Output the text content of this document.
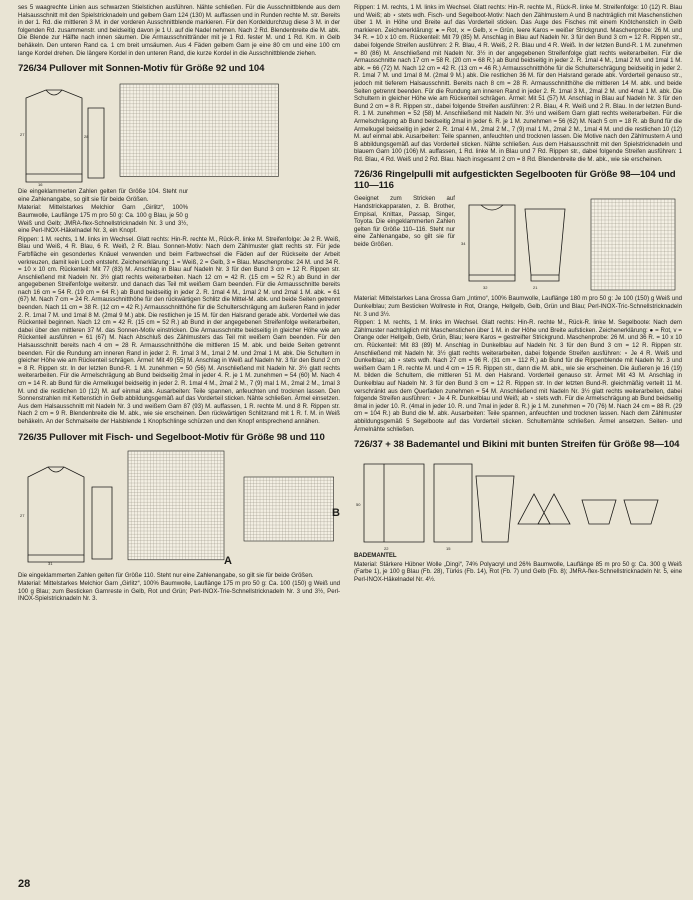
ses 5 waagrechte Linien aus schwarzen Stielstichen ausführen. Nähte schließen. Für die Ausschnittblende aus dem Halsausschnitt mit den Spielstricknadeln und gelbem Garn 124 (130) M. auffassen und in Runden rechte M. str. Bereits in der 1. Rd. die mittleren 3 M. in der vorderen Ausschnittblende markieren. Für den Kordeldurchzug diese 3 M. in der folgenden Rd. zusammenstr. und beidseitig davon je 1 U. auf die Nadel nehmen. Nach 2 Rd. Blendenbreite die M. abk. Die Blende zur Hälfte nach innen säumen. Die Armausschnittränder mit je 1 Rd. fester M. und 1 Rd. Km. in Gelb behäkeln. Den unteren Rand ca. 1 cm breit umsäumen. Aus 4 Fäden gelbem Garn je eine 80 cm und eine 100 cm lange Kordel drehen. Die längere Kordel in den unteren Rand, die kurze Kordel in die Ausschnittblende ziehen.

726/34 Pullover mit Sonnen-Motiv für Größe 92 und 104
27	28
16

Die eingeklammerten Zahlen gelten für Größe 104. Steht nur eine Zahlenangabe, so gilt sie für beide Größen.

Material: Mittelstarkes Melchior Garn „Girlitz“, 100% Baumwolle, Lauflänge 175 m pro 50 g: Ca. 100 g Blau, je 50 g Weiß und Gelb; JMRA-flex-Schnellstricknadeln Nr. 3 und 3½, eine Perl-INOX-Häkelnadel Nr. 3, ein Knopf.

Rippen: 1 M. rechts, 1 M. links im Wechsel. Glatt rechts: Hin-R. rechte M., Rück-R. linke M. Streifenfolge: Je 2 R. Weiß, Blau und Weiß, 4 R. Blau, 6 R. Weiß, 2 R. Blau. Sonnen-Motiv: Nach dem Zählmuster glatt rechts str. Für jede Farbfläche ein gesondertes Knäuel verwenden und beim Farbwechsel die Fäden auf der Rückseite der Arbeit verkreuzen, damit kein Loch entsteht. Zeichenerklärung: 1 = Weiß, 2 = Gelb, 3 = Blau. Maschenprobe: 24 M. und 34 R. = 10 x 10 cm. Rückenteil: Mit 77 (83) M. Anschlag in Blau auf Nadeln Nr. 3 für den Bund 3 cm = 12 R. Rippen str. Anschließend mit Nadeln Nr. 3½ glatt rechts weiterarbeiten. Nach 12 cm = 42 R. (15 cm = 52 R.) ab Bund in der angegebenen Streifenfolge weiterstr. und danach das Teil mit weißem Garn beenden. Für die Armausschnitte bereits nach 16 cm = 54 R. (19 cm = 64 R.) ab Bund beidseitig in jeder 2. R. 1mal 4 M., 1mal 2 M. und 2mal 1 M. abk. = 61 (67) M. Nach 7 cm = 24 R. Armausschnitthöhe für den rückwärtigen Schlitz die Mittel-M. abk. und beide Seiten getrennt beenden. Nach 11 cm = 38 R. (12 cm = 42 R.) Armausschnitthöhe für die Schulterschrägung am äußeren Rand in jeder 2. R. 1mal 7 M. und 1mal 8 M. (2mal 9 M.) abk. Die restlichen je 15 M. für den Halsrand gerade abk. Vorderteil wie das Rückenteil beginnen. Nach 12 cm = 42 R. (15 cm = 52 R.) ab Bund in der angegebenen Streifenfolge weiterarbeiten, dabei über den mittleren 37 M. das Sonnen-Motiv einstricken. Die Armausschnitte beidseitig in gleicher Höhe wie am Rückenteil ausführen = 61 (67) M. Nach Abschluß des Zählmusters das Teil mit weißem Garn beenden. Für den Halsausschnitt bereits nach 4 cm = 28 R. Armausschnitthöhe die mittleren 15 M. abk. und beide Seiten getrennt beenden. Für die Rundung am inneren Rand in jeder 2. R. 1mal 3 M., 1mal 2 M. und 2mal 1 M. abk. Die Schultern in gleicher Höhe wie am Rückenteil schrägen. Ärmel: Mit 49 (55) M. Anschlag in Weiß auf Nadeln Nr. 3 für den Bund 2 cm = 8 R. Rippen str. In der letzten Bund-R. 1 M. zunehmen = 50 (56) M. Anschließend mit Nadeln Nr. 3½ glatt rechts weiterarbeiten. Für die Armelschrägung ab Bund beidseitig 2mal in jeder 4. R. je 1 M. zunehmen = 54 (60) M. Nach 4 cm = 14 R. ab Bund für die Armelkugel beidseitig in jeder 2. R. 1mal 4 M., 2mal 2 M., 7 (9) mal 1 M., 2mal 2 M., 1mal 3 M. und die restlichen 10 (12) M. auf einmal abk. Ausarbeiten: Teile spannen, anfeuchten und trocknen lassen. Den Sonnenstrahlen mit Kettenstich in Gelb abbildungsgemäß auf das Vorderteil sticken. Nähte schließen. Ärmel einsetzen. Aus dem Halsausschnitt mit Nadeln Nr. 3 und weißem Garn 87 (93) M. auffassen, 1 R. rechte M. und 8 R. Rippen str. Nach 2 cm = 9 R. Blendenbreite die M. abk., wie sie erscheinen. Den rückwärtigen Schlitzrand mit 1 R. f. M. in Weiß behäkeln. An der Schmalseite der Halsblende 1 Knopfschlinge schürzen und den Knopf entsprechend annähen.

726/35 Pullover mit Fisch- und Segelboot-Motiv für Größe 98 und 110
27
31	A
B

Die eingeklammerten Zahlen gelten für Größe 110. Steht nur eine Zahlenangabe, so gilt sie für beide Größen.

Material: Mittelstarkes Melchior Garn „Girlitz“, 100% Baumwolle, Lauflänge 175 m pro 50 g: Ca. 100 (150) g Weiß und 100 g Blau; zum Besticken Garnreste in Gelb, Rot und Grün; Perl-INOX-Trie-Schnellstricknadeln Nr. 3 und 3½, Perl-INOX-Spielstricknadeln Nr. 3.

Rippen: 1 M. rechts, 1 M. links im Wechsel. Glatt rechts: Hin-R. rechte M., Rück-R. linke M. Streifenfolge: 10 (12) R. Blau und Weiß; ab ⋆ stets wdh. Fisch- und Segelboot-Motiv: Nach den Zählmustern A und B nachträglich mit Maschenstichen über 1 M. in Höhe und Breite auf das Vorderteil sticken. Das Auge des Fisches mit einem Knötchenstich in Gelb markieren. Zeichenerklärung: ● = Rot, ⨯ = Gelb, x = Grün, leere Karos = weißer Strickgrund. Maschenprobe: 26 M. und 34 R. = 10 x 10 cm. Rückenteil: Mit 79 (85) M. Anschlag in Blau auf Nadeln Nr. 3 für den Bund 3 cm = 12 R. Rippen str., dabei folgende Streifen ausführen: 2 R. Blau, 4 R. Weiß, 2 R. Blau und 4 R. Weiß. In der letzten Bund-R. 1 M. zunehmen = 80 (86) M. Anschließend mit Nadeln Nr. 3½ in der angegebenen Streifenfolge glatt rechts weiterarbeiten. Für die Armausschnitte nach 17 cm = 58 R. (20 cm = 68 R.) ab Bund beidseitig in jeder 2. R. 1mal 4 M., 1mal 2 M. und 1mal 1 M. abk. = 66 (72) M. Nach 12 cm = 42 R. (13 cm = 46 R.) Armausschnitthöhe für die Schulterschrägung beidseitig in jeder 2. R. 1mal 7 M. und 1mal 8 M. (2mal 9 M.) abk. Die restlichen 36 M. für den Halsrand gerade abk. Vorderteil genauso str., jedoch mit tieferem Halsausschnitt. Bereits nach 8 cm = 28 R. Armausschnitthöhe die mittleren 14 M. abk. und beide Seiten getrennt beenden. Für die Rundung am inneren Rand in jeder 2. R. 1mal 3 M., 2mal 2 M. und 4mal 1 M. abk. Die Schultern in gleicher Höhe wie am Rückenteil schrägen. Ärmel: Mit 51 (57) M. Anschlag in Blau auf Nadeln Nr. 3 für den Bund 2 cm = 8 R. Rippen str., dabei folgende Streifen ausführen: 2 R. Blau, 4 R. Weiß und 2 R. Blau. In der letzten Bund-R. 1 M. zunehmen = 52 (58) M. Anschließend mit Nadeln Nr. 3½ und weißem Garn glatt rechts weiterarbeiten. Für die Armelschrägung ab Bund beidseitig 2mal in jeder 6. R. je 1 M. zunehmen = 56 (62) M. Nach 5 cm = 18 R. ab Bund für die Armelkugel beidseitig in jeder 2. R. 1mal 4 M., 2mal 2 M., 7 (9) mal 1 M., 2mal 2 M., 1mal 4 M. und die restlichen 10 (12) M. auf einmal abk. Ausarbeiten: Teile spannen, anfeuchten und trocknen lassen. Die Motive nach den Zählmustern A und B abbildungsgemäß auf das Vorderteil sticken. Nähte schließen. Aus dem Halsausschnitt mit den Spielstricknadeln und blauem Garn 100 (106) M. auffassen, 1 Rd. linke M. in Blau und 7 Rd. Rippen str., dabei folgende Streifen ausführen: 1 Rd. Blau, 4 Rd. Weiß und 2 Rd. Blau. Nach insgesamt 2 cm = 8 Rd. Blendenbreite die M. abk., wie sie erscheinen.

726/36 Ringelpulli mit aufgestickten Segelbooten für Größe 98—104 und 110—116

Geeignet zum Stricken auf Handstrickapparaten, z. B. Brother, Empisal, Knittax, Passap, Singer, Toyota. Die eingeklammerten Zahlen gelten für Größe 110–116. Steht nur eine Zahlenangabe, so gilt sie für beide Größen.	34
32	21

Material: Mittelstarkes Lana Grossa Garn „Intimo“, 100% Baumwolle, Lauflänge 180 m pro 50 g: Je 100 (150) g Weiß und Dunkelblau; zum Besticken Wollreste in Rot, Orange, Hellgelb, Gelb, Grün und Blau; Perl-INOX-Tric-Schnellstricknadeln Nr. 3 und 3½.

Rippen: 1 M. rechts, 1 M. links im Wechsel. Glatt rechts: Hin-R. rechte M., Rück-R. linke M. Segelboote: Nach dem Zählmuster nachträglich mit Maschenstichen über 1 M. in der Höhe und Breite aufsticken. Zeichenerklärung: ● = Rot, v = Orange oder Hellgelb, Gelb, Grün, Blau; leere Karos = gestreifter Strickgrund. Maschenprobe: 26 M. und 36 R. = 10 x 10 cm. Rückenteil: Mit 83 (89) M. Anschlag in Dunkelblau auf Nadeln Nr. 3 für den Bund 3 cm = 12 R. Rippen str. Anschließend mit Nadeln Nr. 3½ glatt rechts weiterarbeiten, dabei folgende Streifen ausführen: ⋆ Je 4 R. Weiß und Dunkelblau; ab ⋆ stets wdh. Nach 27 cm = 96 R. (31 cm = 112 R.) ab Bund für die Rippenblende mit Nadeln Nr. 3 und weißem Garn 1 R. rechte M. und 4 cm = 15 R. Rippen str., dann die M. abk., wie sie erscheinen. Die äußeren je 16 (19) M. bilden die Schultern, die mittleren 51 M. den Halsrand. Vorderteil genauso str. Ärmel: Mit 43 M. Anschlag in Dunkelblau auf Nadeln Nr. 3 für den Bund 3 cm = 12 R. Rippen str. In der letzten Bund-R. gleichmäßig verteilt 11 M. verschränkt aus dem Querfaden zunehmen = 54 M. Anschließend mit Nadeln Nr. 3½ glatt rechts weiterarbeiten, dabei folgende Streifen ausführen: ⋆ Je 4 R. Dunkelblau und Weiß; ab ⋆ stets wdh. Für die Armelschrägung ab Bund beidseitig 8mal in jeder 10. R. (4mal in jeder 10. R. und 7mal in jeder 8. R.) je 1 M. zunehmen = 70 (76) M. Nach 24 cm = 88 R. (29 cm = 104 R.) ab Bund die M. abk. Ausarbeiten: Teile spannen, anfeuchten und trocknen lassen. Nach dem Zählmuster abbildungsgemäß 5 Segelboote auf das Vorderteil sticken. Schulternähte schließen. Ärmel ansetzen. Seiten- und Ärmelnähte schließen.

726/37 + 38 Bademantel und Bikini mit bunten Streifen für Größe 98—104
50
22	15

BADEMANTEL

Material: Stärkere Hübner Wolle „Dingi“, 74% Polyacryl und 26% Baumwolle, Lauflänge 85 m pro 50 g: Ca. 300 g Weiß (Farbe 1), je 100 g Blau (Fb. 28), Türkis (Fb. 14), Rot (Fb. 7) und Gelb (Fb. 8); JMRA-flex-Schnellstricknadeln Nr. 5, eine Perl-INOX-Häkelnadel Nr. 4½.

28
